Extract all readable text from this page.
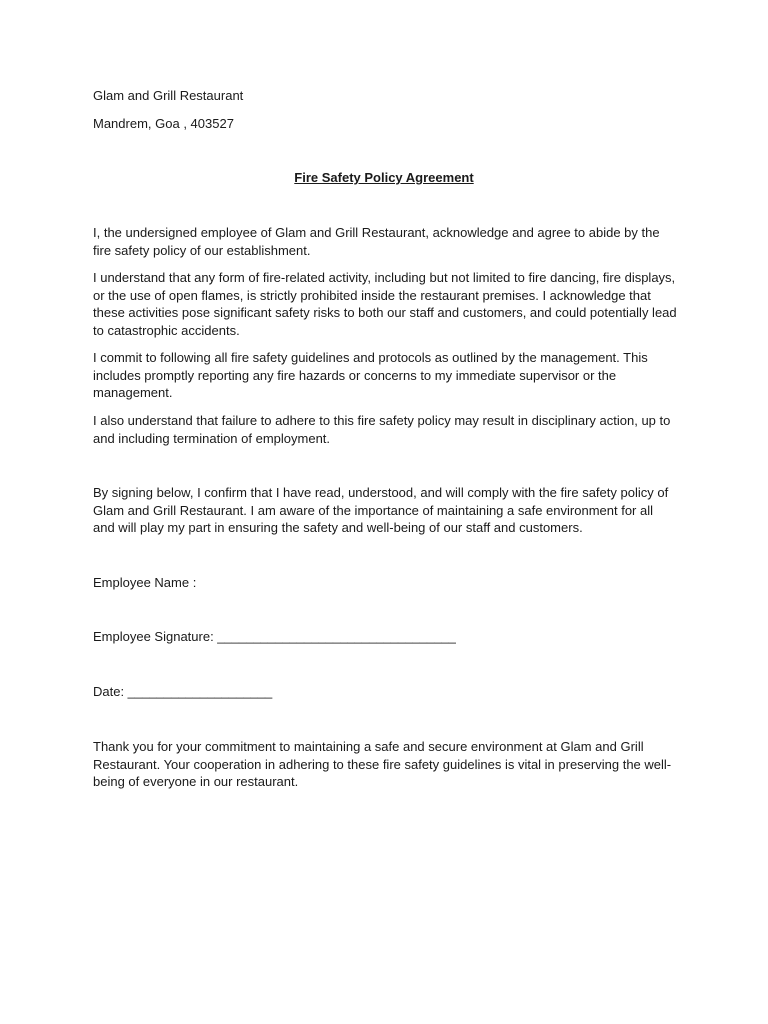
Glam and Grill Restaurant

Mandrem, Goa , 403527

Fire Safety Policy Agreement

I, the undersigned employee of Glam and Grill Restaurant, acknowledge and agree to abide by the fire safety policy of our establishment.

I understand that any form of fire-related activity, including but not limited to fire dancing, fire displays, or the use of open flames, is strictly prohibited inside the restaurant premises. I acknowledge that these activities pose significant safety risks to both our staff and customers, and could potentially lead to catastrophic accidents.

I commit to following all fire safety guidelines and protocols as outlined by the management. This includes promptly reporting any fire hazards or concerns to my immediate supervisor or the management.

I also understand that failure to adhere to this fire safety policy may result in disciplinary action, up to and including termination of employment.

By signing below, I confirm that I have read, understood, and will comply with the fire safety policy of Glam and Grill Restaurant. I am aware of the importance of maintaining a safe environment for all and will play my part in ensuring the safety and well-being of our staff and customers.

Employee Name :

Employee Signature: _________________________________

Date: ____________________

Thank you for your commitment to maintaining a safe and secure environment at Glam and Grill Restaurant. Your cooperation in adhering to these fire safety guidelines is vital in preserving the well-being of everyone in our restaurant.
